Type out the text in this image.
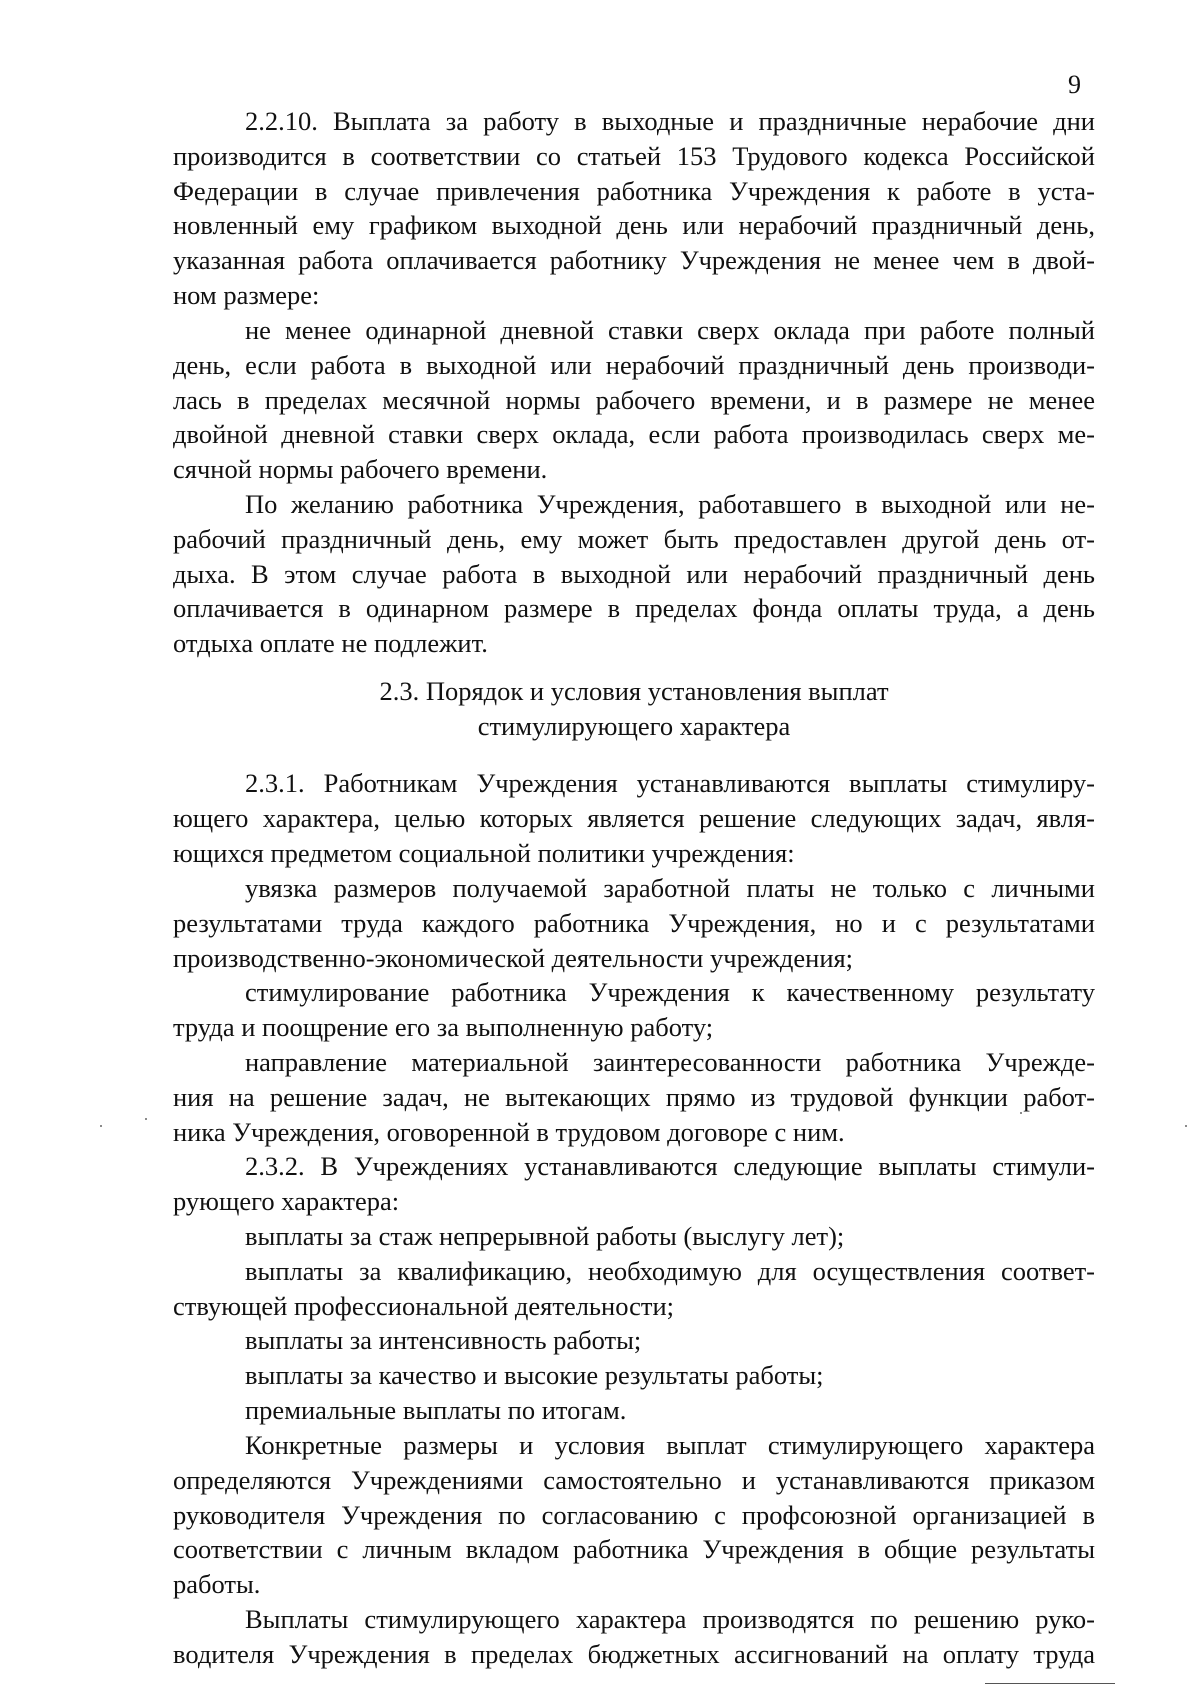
9
2.2.10. Выплата за работу в выходные и праздничные нерабочие дни
производится в соответствии со статьей 153 Трудового кодекса Российской
Федерации в случае привлечения работника Учреждения к работе в уста-
новленный ему графиком выходной день или нерабочий праздничный день,
указанная работа оплачивается работнику Учреждения не менее чем в двой-
ном размере:
не менее одинарной дневной ставки сверх оклада при работе полный
день, если работа в выходной или нерабочий праздничный день производи-
лась в пределах месячной нормы рабочего времени, и в размере не менее
двойной дневной ставки сверх оклада, если работа производилась сверх ме-
сячной нормы рабочего времени.
По желанию работника Учреждения, работавшего в выходной или не-
рабочий праздничный день, ему может быть предоставлен другой день от-
дыха. В этом случае работа в выходной или нерабочий праздничный день
оплачивается в одинарном размере в пределах фонда оплаты труда, а день
отдыха оплате не подлежит.
2.3. Порядок и условия установления выплат
стимулирующего характера
2.3.1. Работникам Учреждения устанавливаются выплаты стимулиру-
ющего характера, целью которых является решение следующих задач, явля-
ющихся предметом социальной политики учреждения:
увязка размеров получаемой заработной платы не только с личными
результатами труда каждого работника Учреждения, но и с результатами
производственно-экономической деятельности учреждения;
стимулирование работника Учреждения к качественному результату
труда и поощрение его за выполненную работу;
направление материальной заинтересованности работника Учрежде-
ния на решение задач, не вытекающих прямо из трудовой функции работ-
ника Учреждения, оговоренной в трудовом договоре с ним.
2.3.2. В Учреждениях устанавливаются следующие выплаты стимули-
рующего характера:
выплаты за стаж непрерывной работы (выслугу лет);
выплаты за квалификацию, необходимую для осуществления соответ-
ствующей профессиональной деятельности;
выплаты за интенсивность работы;
выплаты за качество и высокие результаты работы;
премиальные выплаты по итогам.
Конкретные размеры и условия выплат стимулирующего характера
определяются Учреждениями самостоятельно и устанавливаются приказом
руководителя Учреждения по согласованию с профсоюзной организацией в
соответствии с личным вкладом работника Учреждения в общие результаты
работы.
Выплаты стимулирующего характера производятся по решению руко-
водителя Учреждения в пределах бюджетных ассигнований на оплату труда
